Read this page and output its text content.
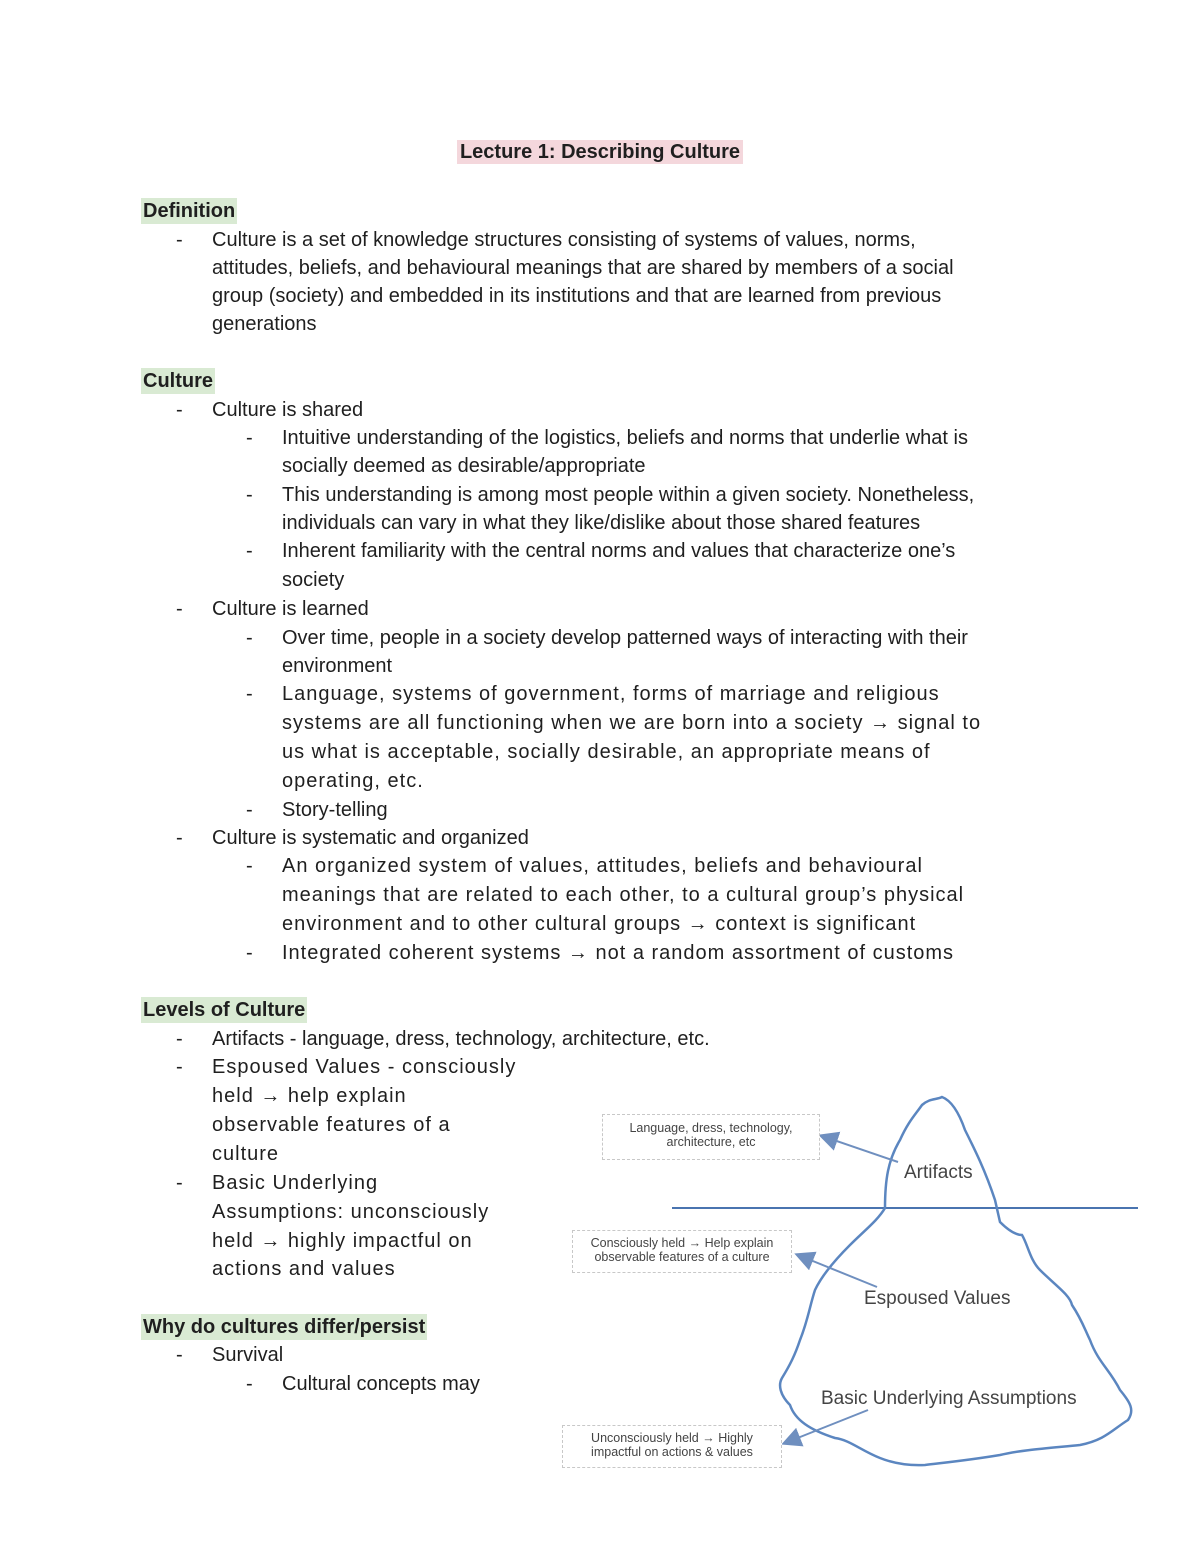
Lecture 1: Describing Culture
Definition
- Culture is a set of knowledge structures consisting of systems of values, norms,
attitudes, beliefs, and behavioural meanings that are shared by members of a social
group (society) and embedded in its institutions and that are learned from previous
generations
Culture
- Culture is shared
- Intuitive understanding of the logistics, beliefs and norms that underlie what is
socially deemed as desirable/appropriate
- This understanding is among most people within a given society. Nonetheless,
individuals can vary in what they like/dislike about those shared features
- Inherent familiarity with the central norms and values that characterize one’s
society
- Culture is learned
- Over time, people in a society develop patterned ways of interacting with their
environment
- Language, systems of government, forms of marriage and religious
systems are all functioning when we are born into a society → signal to
us what is acceptable, socially desirable, an appropriate means of
operating, etc.
- Story-telling
- Culture is systematic and organized
- An organized system of values, attitudes, beliefs and behavioural
meanings that are related to each other, to a cultural group’s physical
environment and to other cultural groups → context is significant
- Integrated coherent systems → not a random assortment of customs
Levels of Culture
- Artifacts - language, dress, technology, architecture, etc.
- Espoused Values - consciously
held → help explain
observable features of a
culture
- Basic Underlying
Assumptions: unconsciously
held → highly impactful on
actions and values
Why do cultures differ/persist
- Survival
- Cultural concepts may
Artifacts
Espoused Values
Basic Underlying Assumptions
Language, dress, technology,
architecture, etc
Consciously held → Help explain
observable features of a culture
Unconsciously held → Highly
impactful on actions & values
